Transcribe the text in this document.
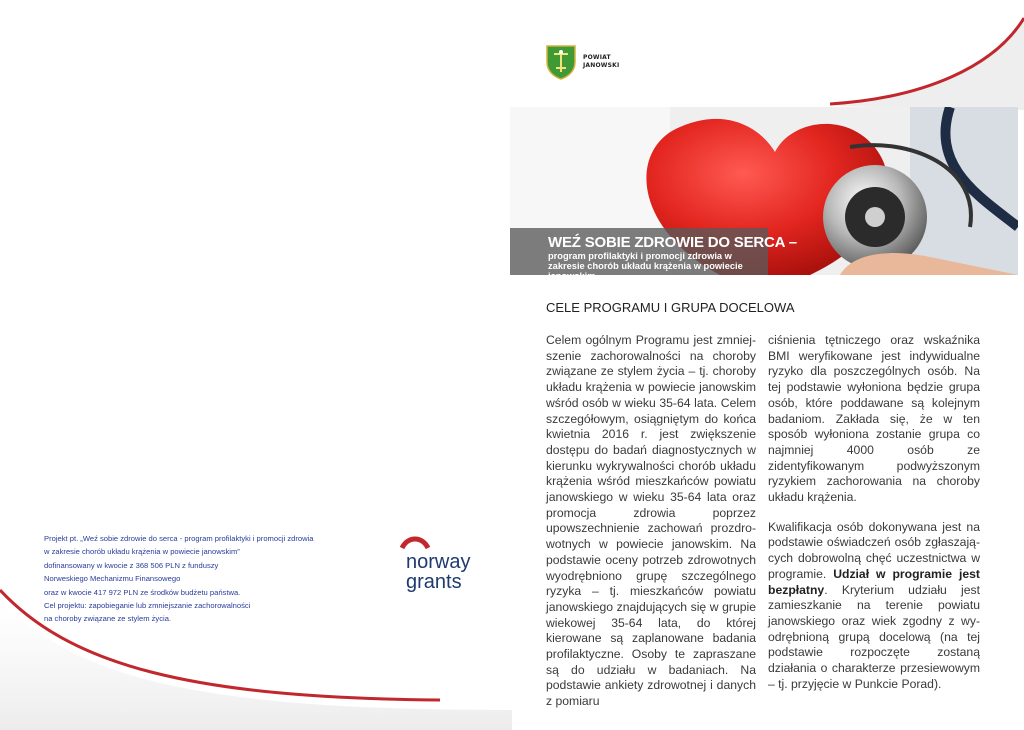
POWIAT
JANOWSKI
WEŹ SOBIE ZDROWIE DO SERCA –
program profilaktyki i promocji zdrowia w zakresie chorób układu krążenia w powiecie janowskim
CELE PROGRAMU I GRUPA DOCELOWA
Celem ogólnym Programu jest zmniejszenie zachorowalności na choroby związane ze stylem życia – tj. choroby układu krążenia w powiecie janowskim wśród osób w wieku 35-64 lata. Celem szczegółowym, osiągniętym do końca kwietnia 2016 r. jest zwiększenie dostępu do badań diagnostycznych w kierunku wykrywalności chorób układu krążenia wśród mieszkańców powiatu janowskiego w wieku 35-64 lata oraz promocja zdrowia poprzez upowszechnienie zachowań prozdrowotnych w powiecie janowskim. Na podstawie oceny potrzeb zdrowotnych wyodrębniono grupę szczególnego ryzyka – tj. mieszkańców powiatu janowskiego znajdujących się w grupie wiekowej 35-64 lata, do której kierowane są zaplanowane badania profilaktyczne. Osoby te zapraszane są do udziału w badaniach. Na podstawie ankiety zdrowotnej i danych z pomiaru

ciśnienia tętniczego oraz wskaźnika BMI weryfikowane jest indywidualne ryzyko dla poszczególnych osób. Na tej podstawie wyłoniona będzie grupa osób, które poddawane są kolejnym badaniom. Zakłada się, że w ten sposób wyłoniona zostanie grupa co najmniej 4000 osób ze zidentyfikowanym podwyższonym ryzykiem zachorowania na choroby układu krążenia.

Kwalifikacja osób dokonywana jest na podstawie oświadczeń osób zgłaszających dobrowolną chęć uczestnictwa w programie. Udział w programie jest bezpłatny. Kryterium udziału jest zamieszkanie na terenie powiatu janowskiego oraz wiek zgodny z wyodrębnioną grupą docelową (na tej podstawie rozpoczęte zostaną działania o charakterze przesiewowym – tj. przyjęcie w Punkcie Porad).

Projekt pt. „Weź sobie zdrowie do serca - program profilaktyki i promocji zdrowia
w zakresie chorób układu krążenia w powiecie janowskim”
dofinansowany w kwocie z 368 506 PLN z funduszy
Norweskiego Mechanizmu Finansowego
oraz w kwocie 417 972 PLN ze środków budżetu państwa.
Cel projektu: zapobieganie lub zmniejszanie zachorowalności
na choroby związane ze stylem życia.
norway
grants
